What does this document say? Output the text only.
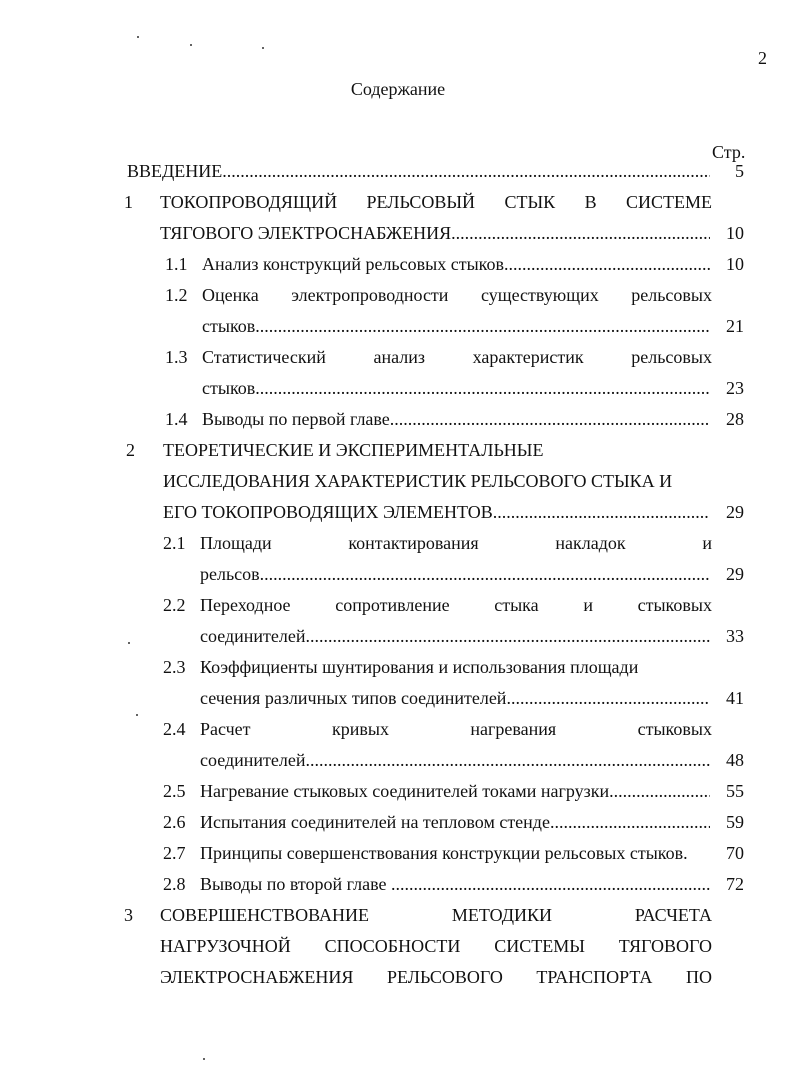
2
Содержание
Стр.
ВВЕДЕНИЕ .....	5
1 ТОКОПРОВОДЯЩИЙ РЕЛЬСОВЫЙ СТЫК В СИСТЕМЕ
ТЯГОВОГО ЭЛЕКТРОСНАБЖЕНИЯ .....	10
1.1 Анализ конструкций рельсовых стыков .....	10
1.2 Оценка электропроводности существующих рельсовых
стыков .....	21
1.3 Статистический	анализ	характеристик	рельсовых
стыков .....	23
1.4 Выводы по первой главе .....	28
2 ТЕОРЕТИЧЕСКИЕ И ЭКСПЕРИМЕНТАЛЬНЫЕ
ИССЛЕДОВАНИЯ ХАРАКТЕРИСТИК РЕЛЬСОВОГО СТЫКА И
ЕГО ТОКОПРОВОДЯЩИХ ЭЛЕМЕНТОВ .....	29
2.1 Площади	контактирования	накладок	и
рельсов .....	29
2.2 Переходное сопротивление стыка и стыковых
соединителей .....	33
2.3 Коэффициенты шунтирования и использования площади
сечения различных типов соединителей .....	41
2.4 Расчет	кривых	нагревания	стыковых
соединителей .....	48
2.5 Нагревание стыковых соединителей токами нагрузки .....	55
2.6 Испытания соединителей на тепловом стенде .....	59
2.7 Принципы совершенствования конструкции рельсовых стыков.	70
2.8 Выводы по второй главе .....	72
3 СОВЕРШЕНСТВОВАНИЕ	МЕТОДИКИ	РАСЧЕТА
НАГРУЗОЧНОЙ СПОСОБНОСТИ СИСТЕМЫ ТЯГОВОГО
ЭЛЕКТРОСНАБЖЕНИЯ РЕЛЬСОВОГО ТРАНСПОРТА ПО
